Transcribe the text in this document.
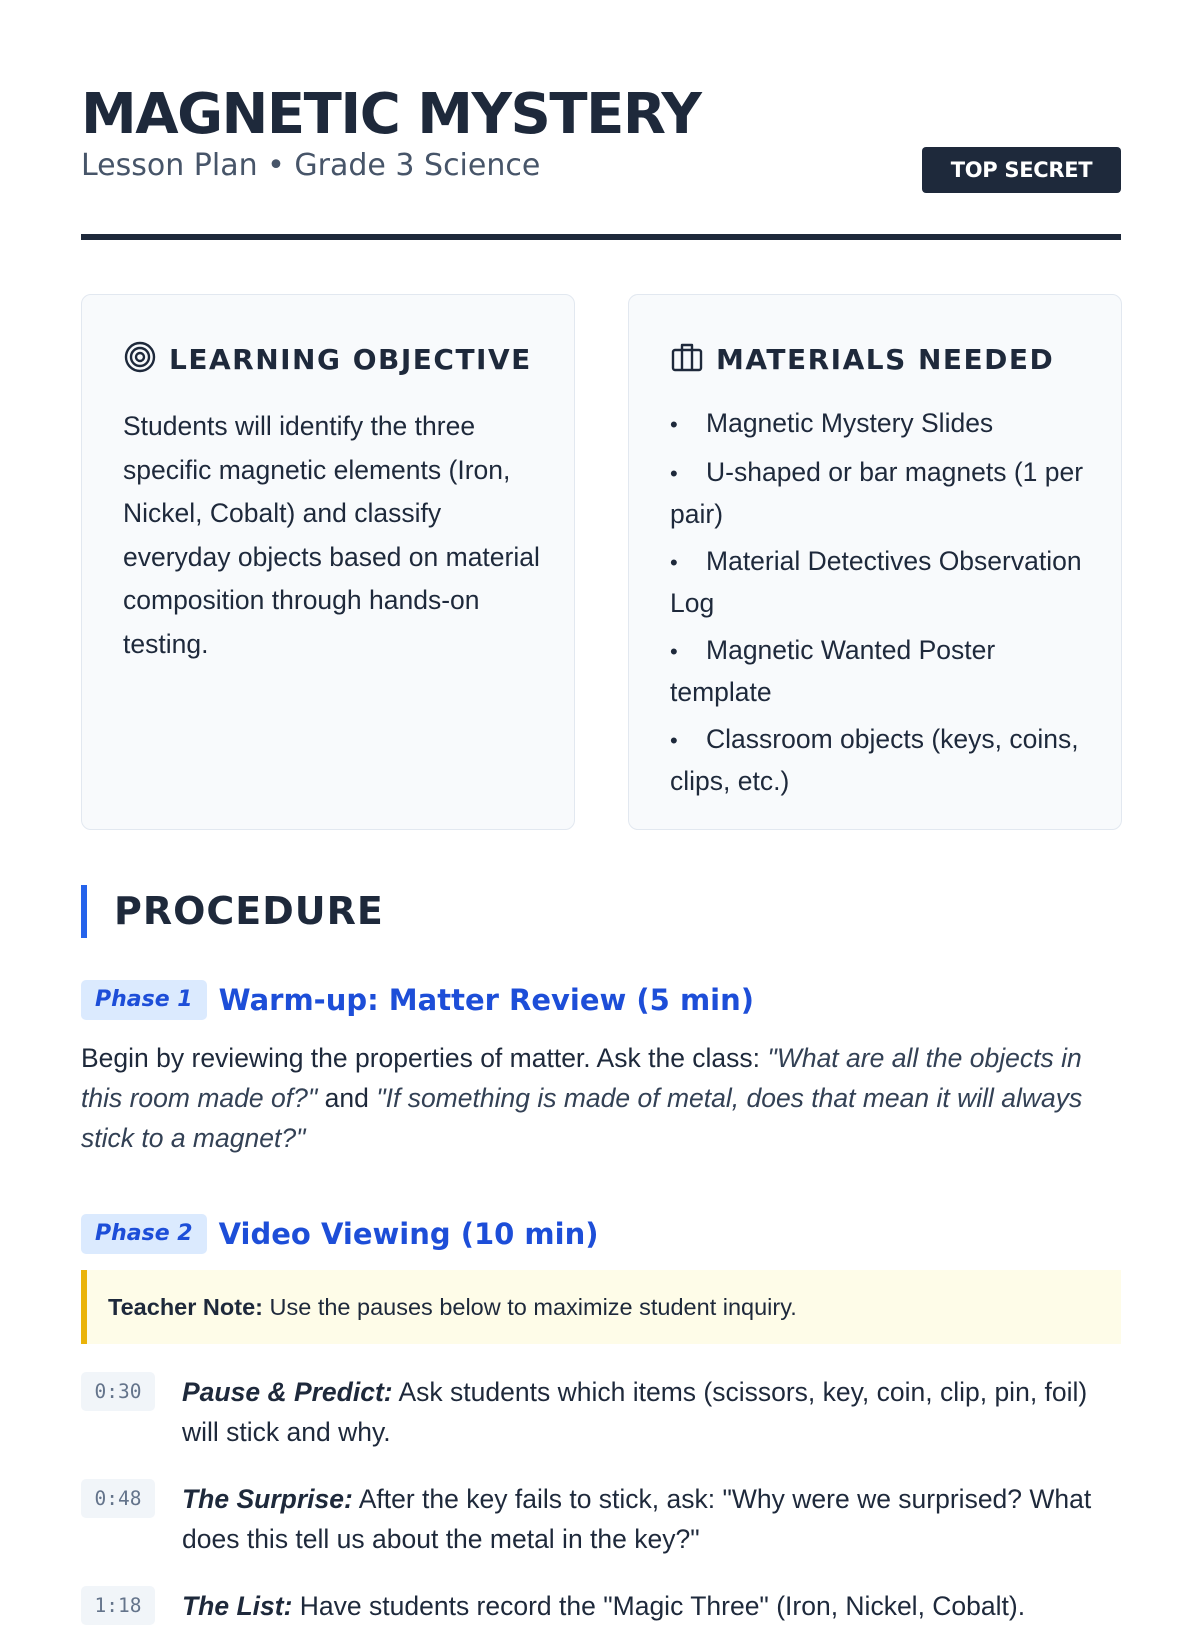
MAGNETIC MYSTERY
Lesson Plan • Grade 3 Science	TOP SECRET
LEARNING OBJECTIVE

Students will identify the three specific magnetic elements (Iron, Nickel, Cobalt) and classify everyday objects based on material composition through hands-on testing.

MATERIALS NEEDED
• Magnetic Mystery Slides
• U-shaped or bar magnets (1 per pair)
• Material Detectives Observation Log
• Magnetic Wanted Poster template
• Classroom objects (keys, coins, clips, etc.)
PROCEDURE
Phase 1 Warm-up: Matter Review (5 min)

Begin by reviewing the properties of matter. Ask the class: "What are all the objects in this room made of?" and "If something is made of metal, does that mean it will always stick to a magnet?"

Phase 2 Video Viewing (10 min)
Teacher Note: Use the pauses below to maximize student inquiry.
0:30	Pause & Predict: Ask students which items (scissors, key, coin, clip, pin, foil) will stick and why.

0:48	The Surprise: After the key fails to stick, ask: "Why were we surprised? What does this tell us about the metal in the key?"

1:18	The List: Have students record the "Magic Three" (Iron, Nickel, Cobalt).
